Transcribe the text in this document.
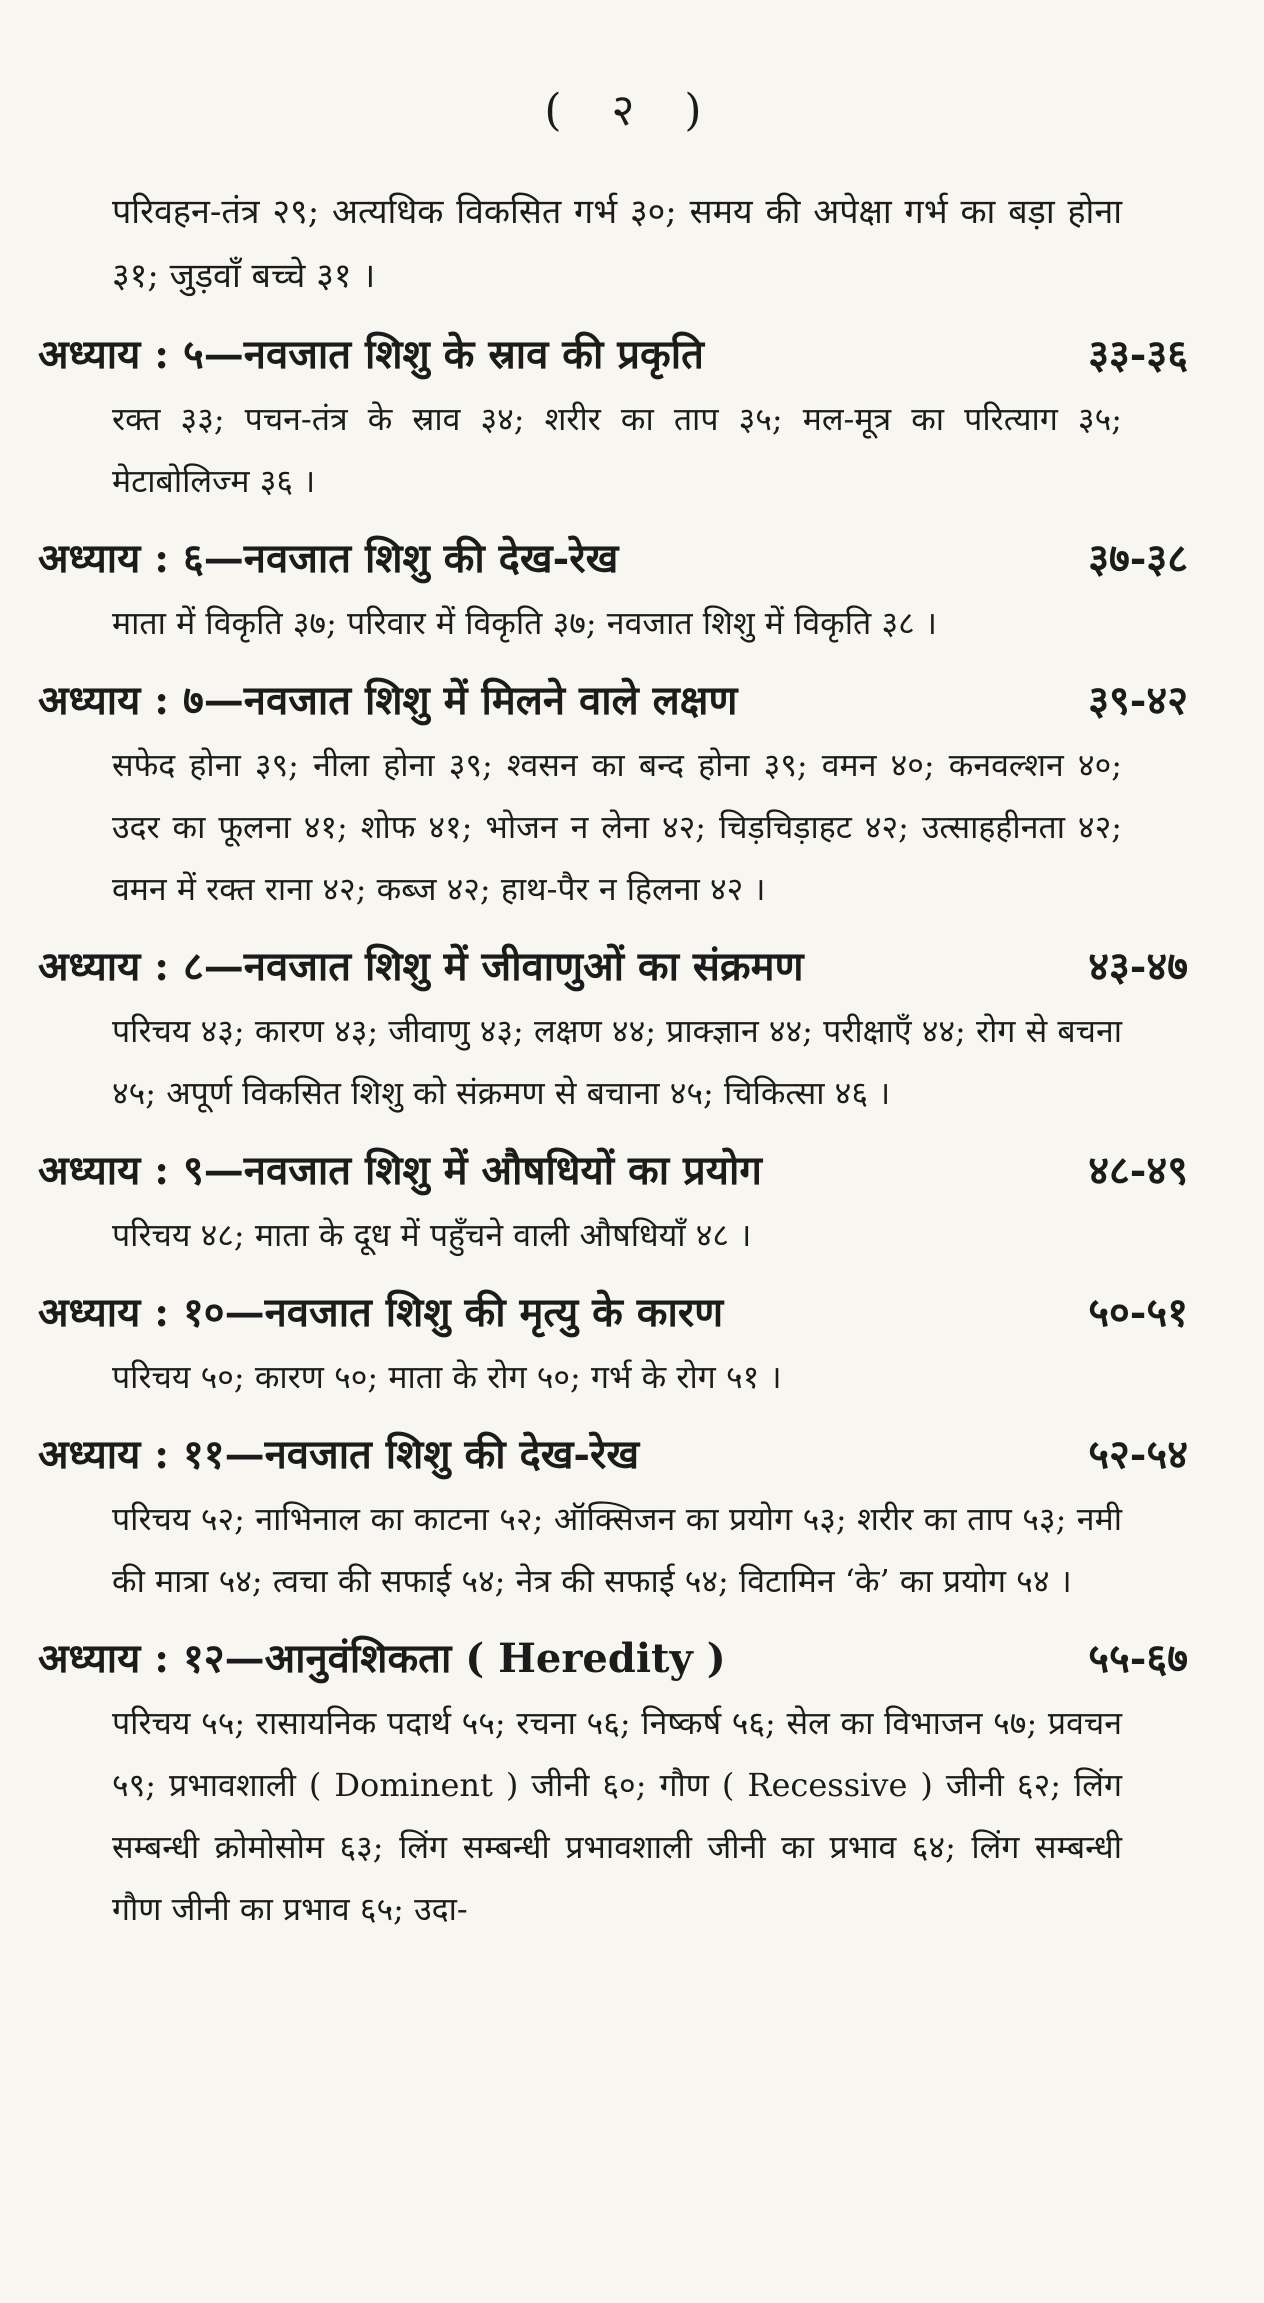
( २ )
परिवहन-तंत्र २९; अत्यधिक विकसित गर्भ ३०; समय की अपेक्षा गर्भ का बड़ा होना ३१; जुड़वाँ बच्चे ३१ ।
अध्याय : ५—नवजात शिशु के स्राव की प्रकृति	३३-३६
रक्त ३३; पचन-तंत्र के स्राव ३४; शरीर का ताप ३५; मल-मूत्र का परित्याग ३५; मेटाबोलिज्म ३६ ।
अध्याय : ६—नवजात शिशु की देख-रेख	३७-३८
माता में विकृति ३७; परिवार में विकृति ३७; नवजात शिशु में विकृति ३८ ।
अध्याय : ७—नवजात शिशु में मिलने वाले लक्षण	३९-४२
सफेद होना ३९; नीला होना ३९; श्वसन का बन्द होना ३९; वमन ४०; कनवल्शन ४०; उदर का फूलना ४१; शोफ ४१; भोजन न लेना ४२; चिड़चिड़ाहट ४२; उत्साहहीनता ४२; वमन में रक्त राना ४२; कब्ज ४२; हाथ-पैर न हिलना ४२ ।
अध्याय : ८—नवजात शिशु में जीवाणुओं का संक्रमण	४३-४७
परिचय ४३; कारण ४३; जीवाणु ४३; लक्षण ४४; प्राक्ज्ञान ४४; परीक्षाएँ ४४; रोग से बचना ४५; अपूर्ण विकसित शिशु को संक्रमण से बचाना ४५; चिकित्सा ४६ ।
अध्याय : ९—नवजात शिशु में औषधियों का प्रयोग	४८-४९
परिचय ४८; माता के दूध में पहुँचने वाली औषधियाँ ४८ ।
अध्याय : १०—नवजात शिशु की मृत्यु के कारण	५०-५१
परिचय ५०; कारण ५०; माता के रोग ५०; गर्भ के रोग ५१ ।
अध्याय : ११—नवजात शिशु की देख-रेख	५२-५४
परिचय ५२; नाभिनाल का काटना ५२; ऑक्सिजन का प्रयोग ५३; शरीर का ताप ५३; नमी की मात्रा ५४; त्वचा की सफाई ५४; नेत्र की सफाई ५४; विटामिन ‘के’ का प्रयोग ५४ ।
अध्याय : १२—आनुवंशिकता ( Heredity )	५५-६७
परिचय ५५; रासायनिक पदार्थ ५५; रचना ५६; निष्कर्ष ५६; सेल का विभाजन ५७; प्रवचन ५९; प्रभावशाली ( Dominent ) जीनी ६०; गौण ( Recessive ) जीनी ६२; लिंग सम्बन्धी क्रोमोसोम ६३; लिंग सम्बन्धी प्रभावशाली जीनी का प्रभाव ६४; लिंग सम्बन्धी गौण जीनी का प्रभाव ६५; उदा-
